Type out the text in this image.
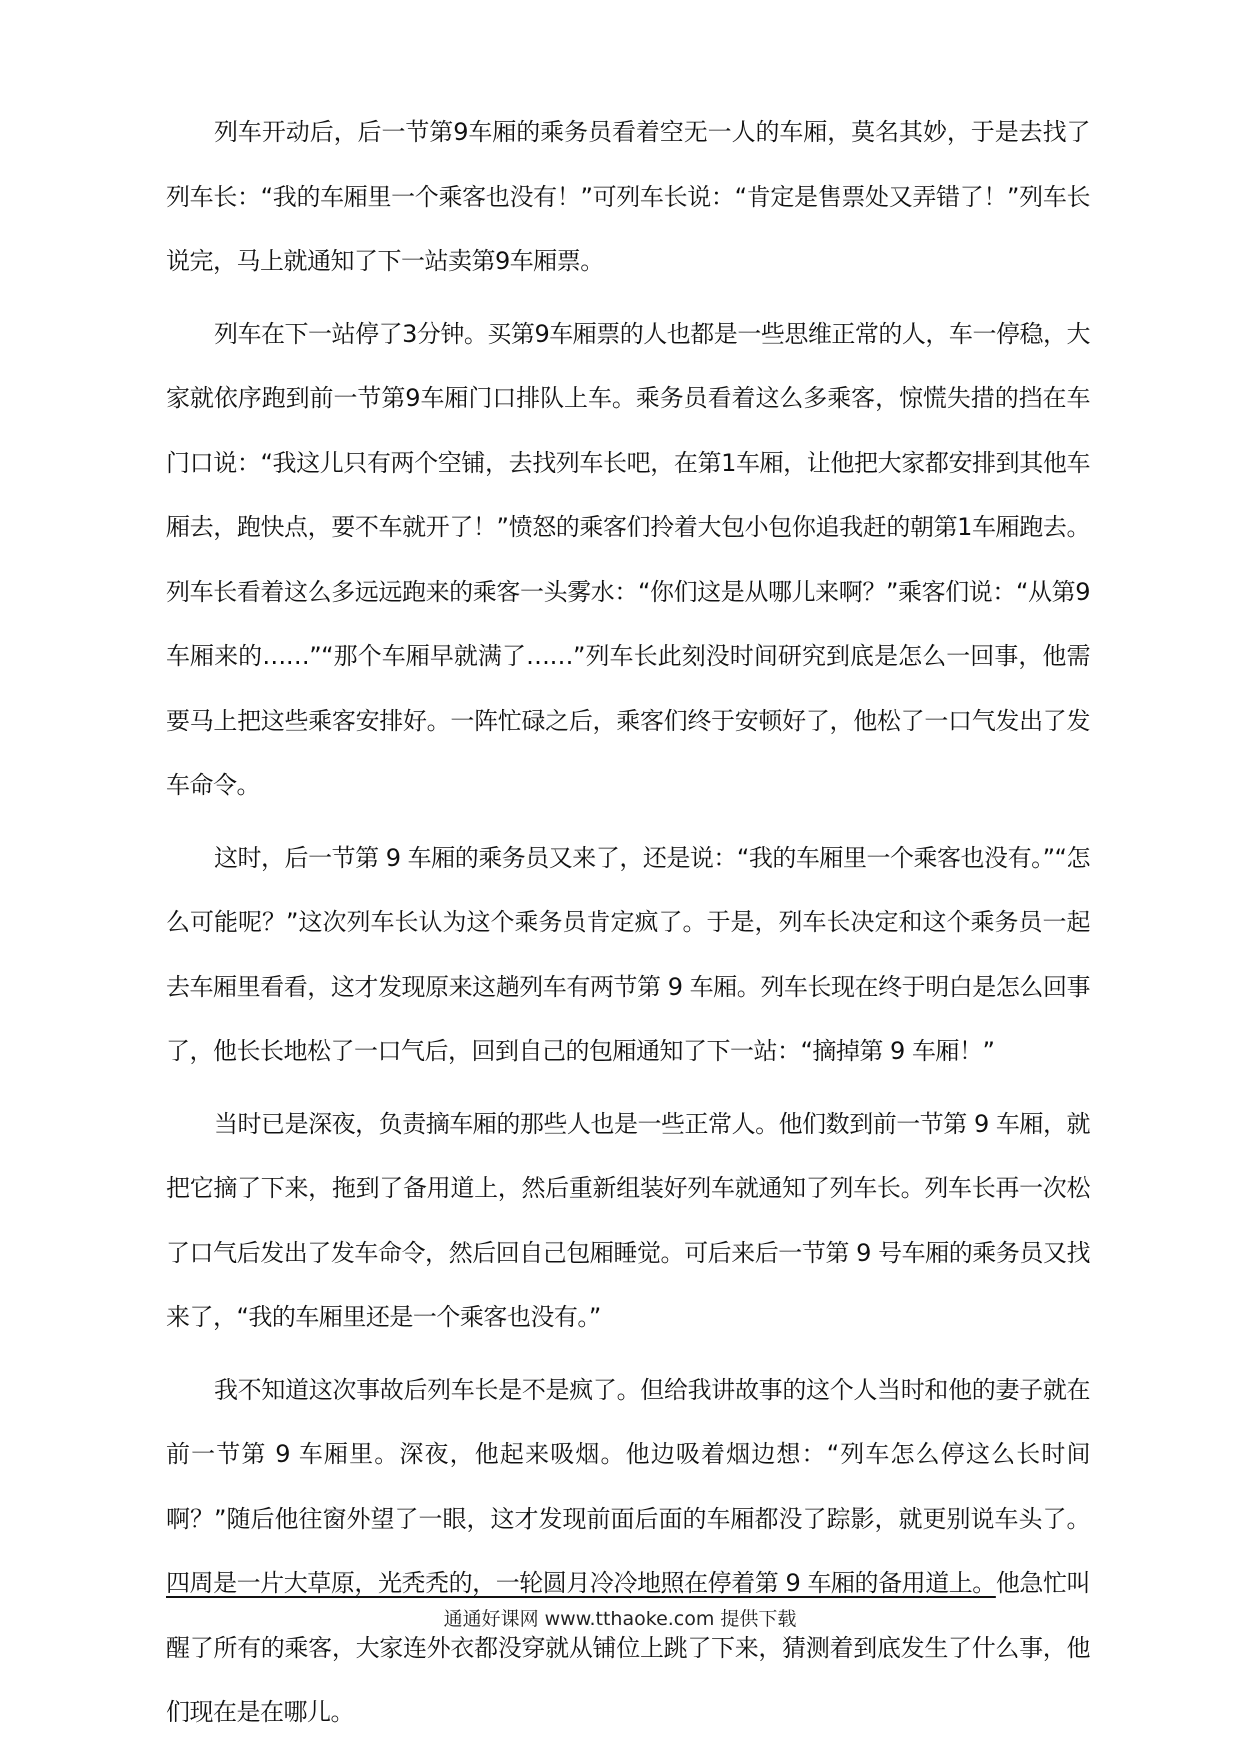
列车开动后，后一节第9车厢的乘务员看着空无一人的车厢，莫名其妙，于是去找了列车长：“我的车厢里一个乘客也没有！”可列车长说：“肯定是售票处又弄错了！”列车长说完，马上就通知了下一站卖第9车厢票。

列车在下一站停了3分钟。买第9车厢票的人也都是一些思维正常的人，车一停稳，大家就依序跑到前一节第9车厢门口排队上车。乘务员看着这么多乘客，惊慌失措的挡在车门口说：“我这儿只有两个空铺，去找列车长吧，在第1车厢，让他把大家都安排到其他车厢去，跑快点，要不车就开了！”愤怒的乘客们拎着大包小包你追我赶的朝第1车厢跑去。列车长看着这么多远远跑来的乘客一头雾水：“你们这是从哪儿来啊？”乘客们说：“从第9车厢来的……”“那个车厢早就满了……”列车长此刻没时间研究到底是怎么一回事，他需要马上把这些乘客安排好。一阵忙碌之后，乘客们终于安顿好了，他松了一口气发出了发车命令。

这时，后一节第 9 车厢的乘务员又来了，还是说：“我的车厢里一个乘客也没有。”“怎么可能呢？”这次列车长认为这个乘务员肯定疯了。于是，列车长决定和这个乘务员一起去车厢里看看，这才发现原来这趟列车有两节第 9 车厢。列车长现在终于明白是怎么回事了，他长长地松了一口气后，回到自己的包厢通知了下一站：“摘掉第 9 车厢！”

当时已是深夜，负责摘车厢的那些人也是一些正常人。他们数到前一节第 9 车厢，就把它摘了下来，拖到了备用道上，然后重新组装好列车就通知了列车长。列车长再一次松了口气后发出了发车命令，然后回自己包厢睡觉。可后来后一节第 9 号车厢的乘务员又找来了，“我的车厢里还是一个乘客也没有。”

我不知道这次事故后列车长是不是疯了。但给我讲故事的这个人当时和他的妻子就在前一节第 9 车厢里。深夜，他起来吸烟。他边吸着烟边想：“列车怎么停这么长时间啊？”随后他往窗外望了一眼，这才发现前面后面的车厢都没了踪影，就更别说车头了。四周是一片大草原，光秃秃的，一轮圆月冷冷地照在停着第 9 车厢的备用道上。他急忙叫醒了所有的乘客，大家连外衣都没穿就从铺位上跳了下来，猜测着到底发生了什么事，他们现在是在哪儿。

通通好课网 www.tthaoke.com 提供下载
